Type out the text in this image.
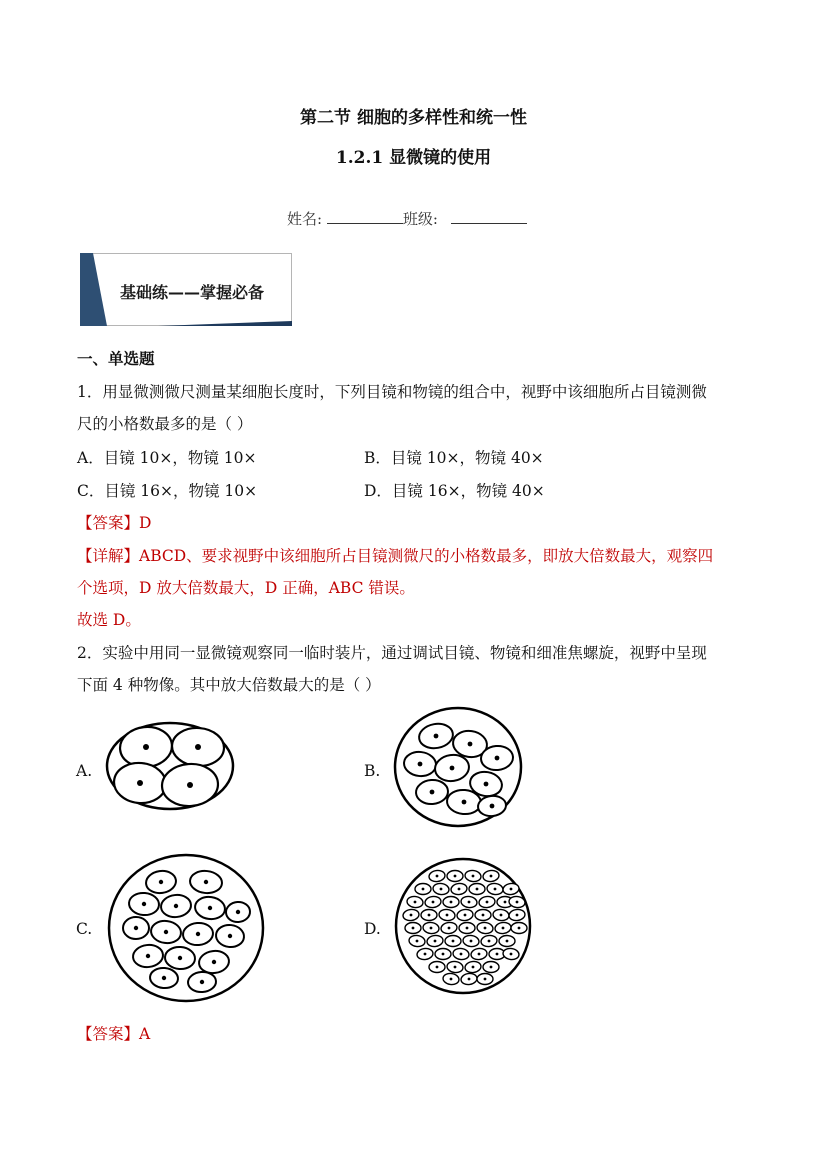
第二节 细胞的多样性和统一性
1.2.1 显微镜的使用
姓名:	班级:
基础练——掌握必备
一、单选题
1．用显微测微尺测量某细胞长度时，下列目镜和物镜的组合中，视野中该细胞所占目镜测微
尺的小格数最多的是（ ）
A．目镜 10×，物镜 10×	B．目镜 10×，物镜 40×
C．目镜 16×，物镜 10×	D．目镜 16×，物镜 40×
【答案】D
【详解】ABCD、要求视野中该细胞所占目镜测微尺的小格数最多，即放大倍数最大，观察四
个选项，D 放大倍数最大，D 正确，ABC 错误。
故选 D。
2．实验中用同一显微镜观察同一临时装片，通过调试目镜、物镜和细准焦螺旋，视野中呈现
下面 4 种物像。其中放大倍数最大的是（ ）
A.	B.
C.	D.
【答案】A
